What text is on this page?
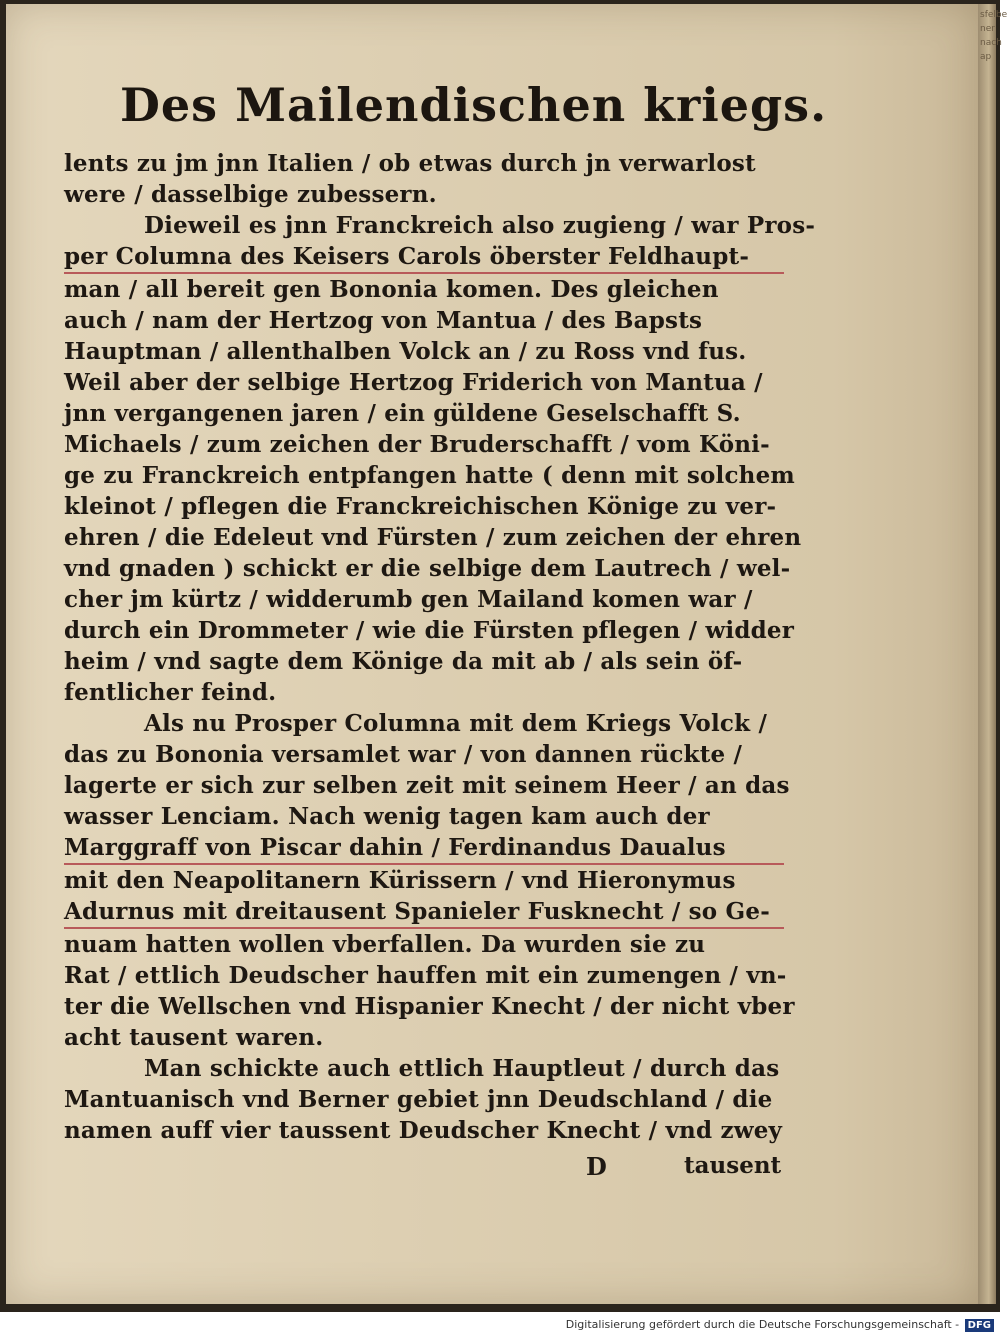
sfelbe
ner
nach
ap
Des Mailendischen kriegs.
lents zu jm jnn Italien / ob etwas durch jn verwarlost
were / dasselbige zubessern.
Dieweil es jnn Franckreich also zugieng / war Pros-
per Columna des Keisers Carols öberster Feldhaupt-
man / all bereit gen Bononia komen. Des gleichen
auch / nam der Hertzog von Mantua / des Bapsts
Hauptman / allenthalben Volck an / zu Ross vnd fus.
Weil aber der selbige Hertzog Friderich von Mantua /
jnn vergangenen jaren / ein güldene Geselschafft S.
Michaels / zum zeichen der Bruderschafft / vom Köni-
ge zu Franckreich entpfangen hatte ( denn mit solchem
kleinot / pflegen die Franckreichischen Könige zu ver-
ehren / die Edeleut vnd Fürsten / zum zeichen der ehren
vnd gnaden ) schickt er die selbige dem Lautrech / wel-
cher jm kürtz / widderumb gen Mailand komen war /
durch ein Drommeter / wie die Fürsten pflegen / widder
heim / vnd sagte dem Könige da mit ab / als sein öf-
fentlicher feind.
Als nu Prosper Columna mit dem Kriegs Volck /
das zu Bononia versamlet war / von dannen rückte /
lagerte er sich zur selben zeit mit seinem Heer / an das
wasser Lenciam. Nach wenig tagen kam auch der
Marggraff von Piscar dahin / Ferdinandus Daualus
mit den Neapolitanern Kürissern / vnd Hieronymus
Adurnus mit dreitausent Spanieler Fusknecht / so Ge-
nuam hatten wollen vberfallen. Da wurden sie zu
Rat / ettlich Deudscher hauffen mit ein zumengen / vn-
ter die Wellschen vnd Hispanier Knecht / der nicht vber
acht tausent waren.
Man schickte auch ettlich Hauptleut / durch das
Mantuanisch vnd Berner gebiet jnn Deudschland / die
namen auff vier taussent Deudscher Knecht / vnd zwey
D	tausent
Digitalisierung gefördert durch die Deutsche Forschungsgemeinschaft - DFG
